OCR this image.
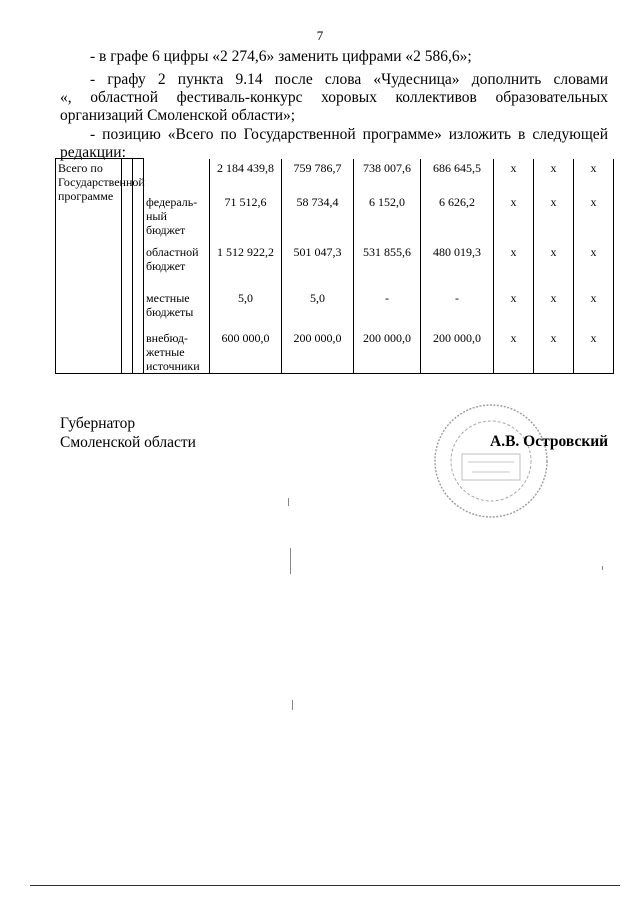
7
- в графе 6 цифры «2 274,6» заменить цифрами «2 586,6»;
- графу 2 пункта 9.14 после слова «Чудесница» дополнить словами
«, областной фестиваль-конкурс хоровых коллективов образовательных
организаций Смоленской области»;
- позицию «Всего по Государственной программе» изложить в следующей редакции:
Всего по Государственной программе				2 184 439,8	759 786,7	738 007,6	686 645,5	x	x	x
			федераль-ный бюджет	71 512,6	58 734,4	6 152,0	6 626,2	x	x	x
			областной бюджет	1 512 922,2	501 047,3	531 855,6	480 019,3	x	x	x
			местные бюджеты	5,0	5,0	-	-	x	x	x
			внебюд-жетные источники	600 000,0	200 000,0	200 000,0	200 000,0	x	x	x
Губернатор
Смоленской области	А.В. Островский
